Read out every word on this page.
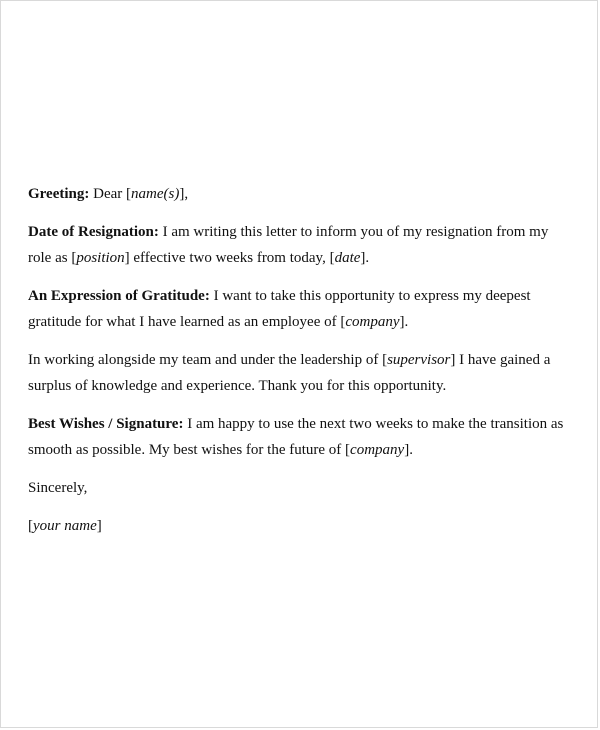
Greeting: Dear [name(s)],

Date of Resignation: I am writing this letter to inform you of my resignation from my role as [position] effective two weeks from today, [date].

An Expression of Gratitude: I want to take this opportunity to express my deepest gratitude for what I have learned as an employee of [company].

In working alongside my team and under the leadership of [supervisor] I have gained a surplus of knowledge and experience. Thank you for this opportunity.

Best Wishes / Signature: I am happy to use the next two weeks to make the transition as smooth as possible. My best wishes for the future of [company].

Sincerely,

[your name]
